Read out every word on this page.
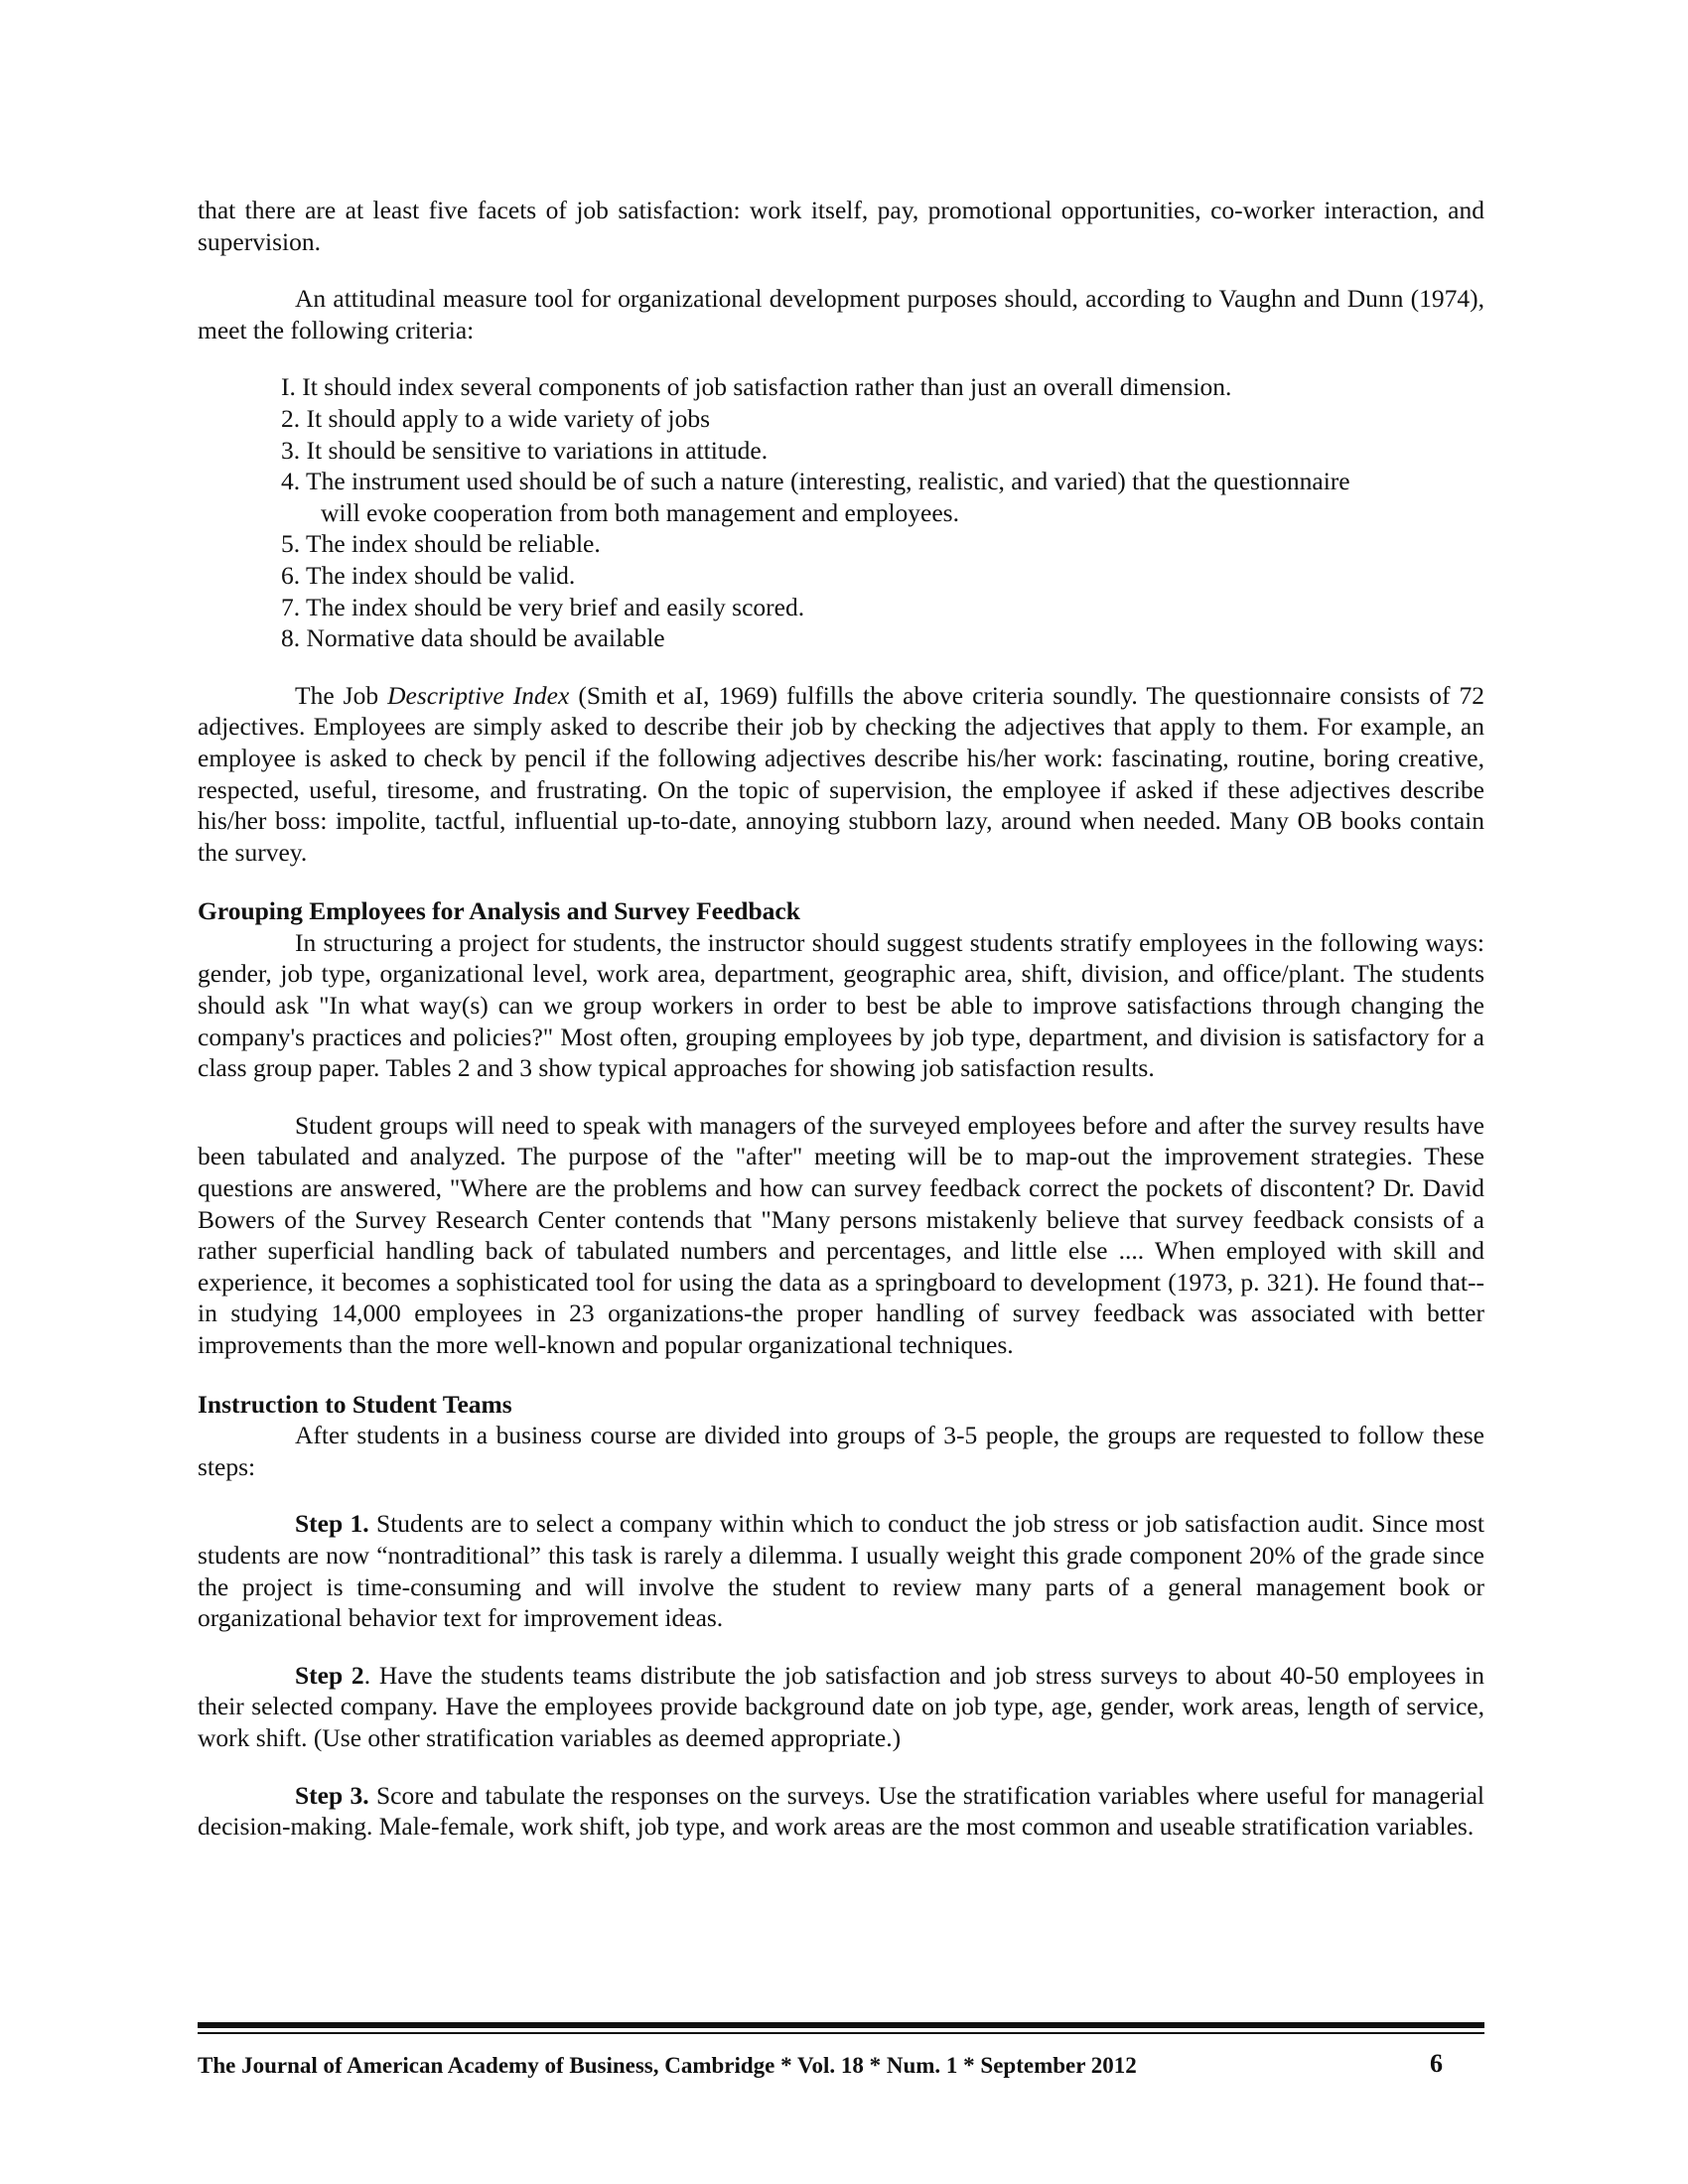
that there are at least five facets of job satisfaction: work itself, pay, promotional opportunities, co-worker interaction, and supervision.

An attitudinal measure tool for organizational development purposes should, according to Vaughn and Dunn (1974), meet the following criteria:

I. It should index several components of job satisfaction rather than just an overall dimension.
2. It should apply to a wide variety of jobs
3. It should be sensitive to variations in attitude.
4. The instrument used should be of such a nature (interesting, realistic, and varied) that the questionnaire
will evoke cooperation from both management and employees.
5. The index should be reliable.
6. The index should be valid.
7. The index should be very brief and easily scored.
8. Normative data should be available

The Job Descriptive Index (Smith et aI, 1969) fulfills the above criteria soundly. The questionnaire consists of 72 adjectives. Employees are simply asked to describe their job by checking the adjectives that apply to them. For example, an employee is asked to check by pencil if the following adjectives describe his/her work: fascinating, routine, boring creative, respected, useful, tiresome, and frustrating. On the topic of supervision, the employee if asked if these adjectives describe his/her boss: impolite, tactful, influential up-to-date, annoying stubborn lazy, around when needed. Many OB books contain the survey.

Grouping Employees for Analysis and Survey Feedback

In structuring a project for students, the instructor should suggest students stratify employees in the following ways: gender, job type, organizational level, work area, department, geographic area, shift, division, and office/plant. The students should ask "In what way(s) can we group workers in order to best be able to improve satisfactions through changing the company's practices and policies?" Most often, grouping employees by job type, department, and division is satisfactory for a class group paper. Tables 2 and 3 show typical approaches for showing job satisfaction results.

Student groups will need to speak with managers of the surveyed employees before and after the survey results have been tabulated and analyzed. The purpose of the "after" meeting will be to map-out the improvement strategies. These questions are answered, "Where are the problems and how can survey feedback correct the pockets of discontent? Dr. David Bowers of the Survey Research Center contends that "Many persons mistakenly believe that survey feedback consists of a rather superficial handling back of tabulated numbers and percentages, and little else .... When employed with skill and experience, it becomes a sophisticated tool for using the data as a springboard to development (1973, p. 321). He found that--in studying 14,000 employees in 23 organizations-the proper handling of survey feedback was associated with better improvements than the more well-known and popular organizational techniques.

Instruction to Student Teams

After students in a business course are divided into groups of 3-5 people, the groups are requested to follow these steps:

Step 1. Students are to select a company within which to conduct the job stress or job satisfaction audit. Since most students are now “nontraditional” this task is rarely a dilemma. I usually weight this grade component 20% of the grade since the project is time-consuming and will involve the student to review many parts of a general management book or organizational behavior text for improvement ideas.

Step 2. Have the students teams distribute the job satisfaction and job stress surveys to about 40-50 employees in their selected company. Have the employees provide background date on job type, age, gender, work areas, length of service, work shift. (Use other stratification variables as deemed appropriate.)

Step 3. Score and tabulate the responses on the surveys. Use the stratification variables where useful for managerial decision-making. Male-female, work shift, job type, and work areas are the most common and useable stratification variables.

The Journal of American Academy of Business, Cambridge * Vol. 18 * Num. 1 * September 2012	6
